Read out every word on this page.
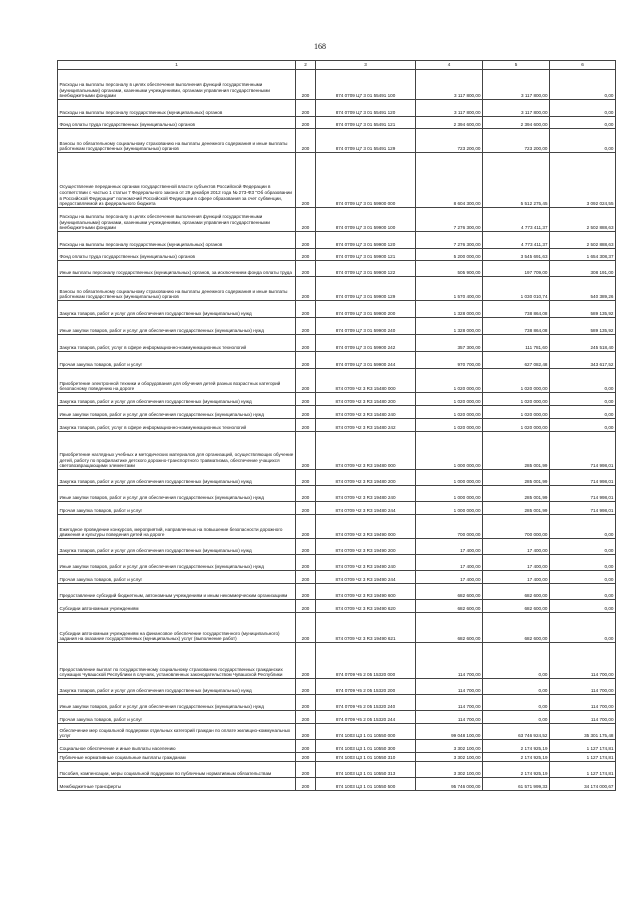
168
1	2	3	4	5	6
Расходы на выплаты персоналу в целях обеспечения выполнения функций государственными (муниципальными) органами, казенными учреждениями, органами управления государственными внебюджетными фондами	200	874 0709 Ц7 3 01 55491 100	3 117 800,00	3 117 800,00	0,00
Расходы на выплаты персоналу государственных (муниципальных) органов	200	874 0709 Ц7 3 01 55491 120	3 117 800,00	3 117 800,00	0,00
Фонд оплаты труда государственных (муниципальных) органов	200	874 0709 Ц7 3 01 55491 121	2 394 600,00	2 394 600,00	0,00
Взносы по обязательному социальному страхованию на выплаты денежного содержания и иные выплаты работникам государственных (муниципальных) органов	200	874 0709 Ц7 3 01 55491 129	723 200,00	723 200,00	0,00
Осуществление переданных органам государственной власти субъектов Российской Федерации в соответствии с частью 1 статьи 7 Федерального закона от 29 декабря 2012 года № 273-ФЗ "Об образовании в Российской Федерации" полномочий Российской Федерации в сфере образования за счет субвенции, предоставляемой из федерального бюджета	200	874 0709 Ц7 3 01 59900 000	8 604 300,00	5 512 275,45	3 092 024,55
Расходы на выплаты персоналу в целях обеспечения выполнения функций государственными (муниципальными) органами, казенными учреждениями, органами управления государственными внебюджетными фондами	200	874 0709 Ц7 3 01 59900 100	7 276 300,00	4 773 411,37	2 502 888,63
Расходы на выплаты персоналу государственных (муниципальных) органов	200	874 0709 Ц7 3 01 59900 120	7 276 300,00	4 773 411,37	2 502 888,63
Фонд оплаты труда государственных (муниципальных) органов	200	874 0709 Ц7 3 01 59900 121	5 200 000,00	3 545 691,63	1 654 308,37
Иные выплаты персоналу государственных (муниципальных) органов, за исключением фонда оплаты труда	200	874 0709 Ц7 3 01 59900 122	505 900,00	197 709,00	308 191,00
Взносы по обязательному социальному страхованию на выплаты денежного содержания и иные выплаты работникам государственных (муниципальных) органов	200	874 0709 Ц7 3 01 59900 129	1 570 400,00	1 030 010,74	540 389,26
Закупка товаров, работ и услуг для обеспечения государственных (муниципальных) нужд	200	874 0709 Ц7 3 01 59900 200	1 328 000,00	738 864,08	589 135,92
Иные закупки товаров, работ и услуг для обеспечения государственных (муниципальных) нужд	200	874 0709 Ц7 3 01 59900 240	1 328 000,00	738 864,08	589 135,92
Закупка товаров, работ, услуг в сфере информационно-коммуникационных технологий	200	874 0709 Ц7 3 01 59900 242	357 300,00	111 781,60	245 518,40
Прочая закупка товаров, работ и услуг	200	874 0709 Ц7 3 01 59900 244	970 700,00	627 082,48	343 617,52
Приобретение электронной техники и оборудования для обучения детей разных возрастных категорий безопасному поведению на дороге	200	874 0709 Ч2 3 R3 15480 000	1 020 000,00	1 020 000,00	0,00
Закупка товаров, работ и услуг для обеспечения государственных (муниципальных) нужд	200	874 0709 Ч2 3 R3 15480 200	1 020 000,00	1 020 000,00	0,00
Иные закупки товаров, работ и услуг для обеспечения государственных (муниципальных) нужд	200	874 0709 Ч2 3 R3 15480 240	1 020 000,00	1 020 000,00	0,00
Закупка товаров, работ, услуг в сфере информационно-коммуникационных технологий	200	874 0709 Ч2 3 R3 15480 242	1 020 000,00	1 020 000,00	0,00
Приобретение наглядных учебных и методических материалов для организаций, осуществляющих обучение детей, работу по профилактике детского дорожно-транспортного травматизма, обеспечение учащихся световозвращающими элементами	200	874 0709 Ч2 3 R3 19480 000	1 000 000,00	285 001,99	714 998,01
Закупка товаров, работ и услуг для обеспечения государственных (муниципальных) нужд	200	874 0709 Ч2 3 R3 19480 200	1 000 000,00	285 001,99	714 998,01
Иные закупки товаров, работ и услуг для обеспечения государственных (муниципальных) нужд	200	874 0709 Ч2 3 R3 19480 240	1 000 000,00	285 001,99	714 998,01
Прочая закупка товаров, работ и услуг	200	874 0709 Ч2 3 R3 19480 244	1 000 000,00	285 001,99	714 998,01
Ежегодное проведение конкурсов, мероприятий, направленных на повышение безопасности дорожного движения и культуры поведения детей на дороге	200	874 0709 Ч2 3 R3 19490 000	700 000,00	700 000,00	0,00
Закупка товаров, работ и услуг для обеспечения государственных (муниципальных) нужд	200	874 0709 Ч2 3 R3 19490 200	17 400,00	17 400,00	0,00
Иные закупки товаров, работ и услуг для обеспечения государственных (муниципальных) нужд	200	874 0709 Ч2 3 R3 19490 240	17 400,00	17 400,00	0,00
Прочая закупка товаров, работ и услуг	200	874 0709 Ч2 3 R3 19490 244	17 400,00	17 400,00	0,00
Предоставление субсидий бюджетным, автономным учреждениям и иным некоммерческим организациям	200	874 0709 Ч2 3 R3 19490 600	682 600,00	682 600,00	0,00
Субсидии автономным учреждениям	200	874 0709 Ч2 3 R3 19490 620	682 600,00	682 600,00	0,00
Субсидии автономным учреждениям на финансовое обеспечение государственного (муниципального) задания на оказание государственных (муниципальных) услуг (выполнение работ)	200	874 0709 Ч2 3 R3 19490 621	682 600,00	682 600,00	0,00
Предоставление выплат по государственному социальному страхованию государственных гражданских служащих Чувашской Республики в случаях, установленных законодательством Чувашской Республики	200	874 0709 Ч5 2 05 15320 000	114 700,00	0,00	114 700,00
Закупка товаров, работ и услуг для обеспечения государственных (муниципальных) нужд	200	874 0709 Ч5 2 05 15320 200	114 700,00	0,00	114 700,00
Иные закупки товаров, работ и услуг для обеспечения государственных (муниципальных) нужд	200	874 0709 Ч5 2 05 15320 240	114 700,00	0,00	114 700,00
Прочая закупка товаров, работ и услуг	200	874 0709 Ч5 2 05 15320 244	114 700,00	0,00	114 700,00
Обеспечение мер социальной поддержки отдельных категорий граждан по оплате жилищно-коммунальных услуг	200	874 1003 Ц3 1 01 10550 000	99 048 100,00	63 746 924,52	35 301 175,48
Социальное обеспечение и иные выплаты населению	200	874 1003 Ц3 1 01 10550 300	3 302 100,00	2 174 925,19	1 127 174,81
Публичные нормативные социальные выплаты гражданам	200	874 1003 Ц3 1 01 10550 310	3 302 100,00	2 174 925,19	1 127 174,81
Пособия, компенсации, меры социальной поддержки по публичным нормативным обязательствам	200	874 1003 Ц3 1 01 10550 313	3 302 100,00	2 174 925,19	1 127 174,81
Межбюджетные трансферты	200	874 1003 Ц3 1 01 10550 500	95 746 000,00	61 571 999,33	34 174 000,67
